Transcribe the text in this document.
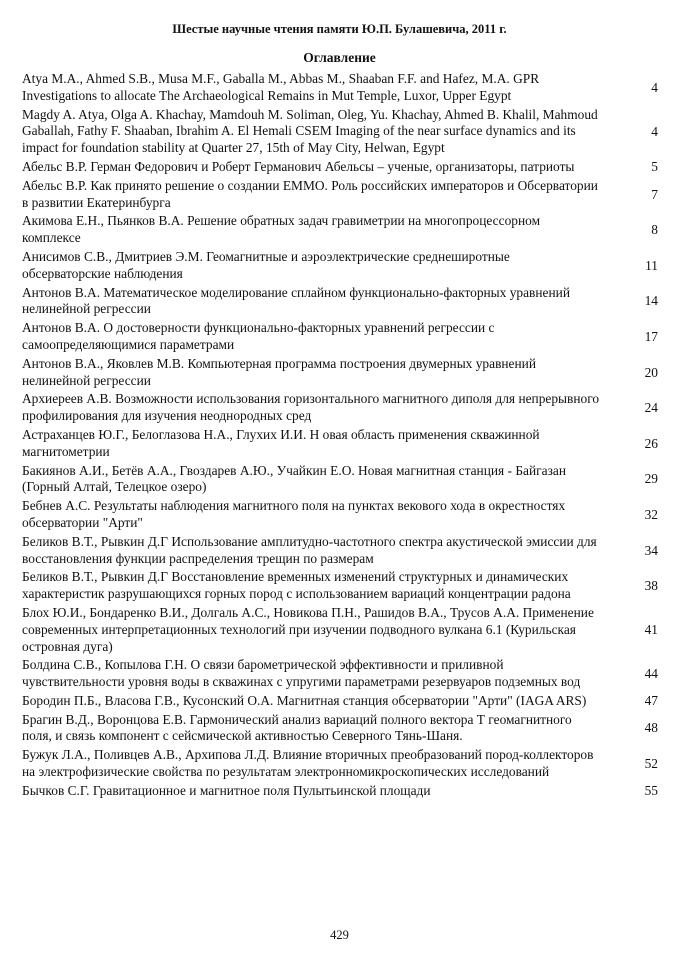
Шестые научные чтения памяти Ю.П. Булашевича, 2011 г.
Оглавление
Atya M.A., Ahmed S.B., Musa M.F., Gaballa M., Abbas M., Shaaban F.F. and Hafez, M.A. GPR Investigations to allocate The Archaeological Remains in Mut Temple, Luxor, Upper Egypt
4
Magdy A. Atya, Olga A. Khachay, Mamdouh M. Soliman, Oleg, Yu. Khachay, Ahmed B. Khalil, Mahmoud Gaballah, Fathy F. Shaaban, Ibrahim A. El Hemali CSEM Imaging of the near surface dynamics and its impact for foundation stability at Quarter 27, 15th of May City, Helwan, Egypt
4
Абельс В.Р. Герман Федорович и Роберт Германович Абельсы – ученые, организаторы, патриоты	5
Абельс В.Р. Как принято решение о создании ЕММО. Роль российских императоров и Обсерватории в развитии Екатеринбурга
7
Акимова Е.Н., Пьянков В.А. Решение обратных задач гравиметрии на многопроцессорном комплексе
8
Анисимов С.В., Дмитриев Э.М. Геомагнитные и аэроэлектрические среднеширотные обсерваторские наблюдения
11
Антонов В.А. Математическое моделирование сплайном функционально-факторных уравнений нелинейной регрессии
14
Антонов В.А. О достоверности функционально-факторных уравнений регрессии с самоопределяющимися параметрами
17
Антонов В.А., Яковлев М.В. Компьютерная программа построения двумерных уравнений нелинейной регрессии
20
Архиереев А.В. Возможности использования горизонтального магнитного диполя для непрерывного профилирования для изучения неоднородных сред
24
Астраханцев Ю.Г., Белоглазова Н.А., Глухих И.И. Н овая область применения скважинной магнитометрии
26
Бакиянов А.И., Бетёв А.А., Гвоздарев А.Ю., Учайкин Е.О. Новая магнитная станция - Байгазан (Горный Алтай, Телецкое озеро)
29
Бебнев А.С. Результаты наблюдения магнитного поля на пунктах векового хода в окрестностях обсерватории "Арти"
32
Беликов В.Т., Рывкин Д.Г Использование амплитудно-частотного спектра акустической эмиссии для восстановления функции распределения трещин по размерам
34
Беликов В.Т., Рывкин Д.Г Восстановление временных изменений структурных и динамических характеристик разрушающихся горных пород с использованием вариаций концентрации радона
38
Блох Ю.И., Бондаренко В.И., Долгаль А.С., Новикова П.Н., Рашидов В.А., Трусов А.А. Применение современных интерпретационных технологий при изучении подводного вулкана 6.1 (Курильская островная дуга)
41
Болдина С.В., Копылова Г.Н. О связи барометрической эффективности и приливной чувствительности уровня воды в скважинах с упругими параметрами резервуаров подземных вод
44
Бородин П.Б., Власова Г.В., Кусонский О.А. Магнитная станция обсерватории "Арти" (IAGA ARS)	47
Брагин В.Д., Воронцова Е.В. Гармонический анализ вариаций полного вектора Т геомагнитного поля, и связь компонент с сейсмической активностью Северного Тянь-Шаня.
48
Бужук Л.А., Поливцев А.В., Архипова Л.Д. Влияние вторичных преобразований пород-коллекторов на электрофизические свойства по результатам электронномикроскопических исследований
52
Бычков С.Г. Гравитационное и магнитное поля Пулытьинской площади	55
429
